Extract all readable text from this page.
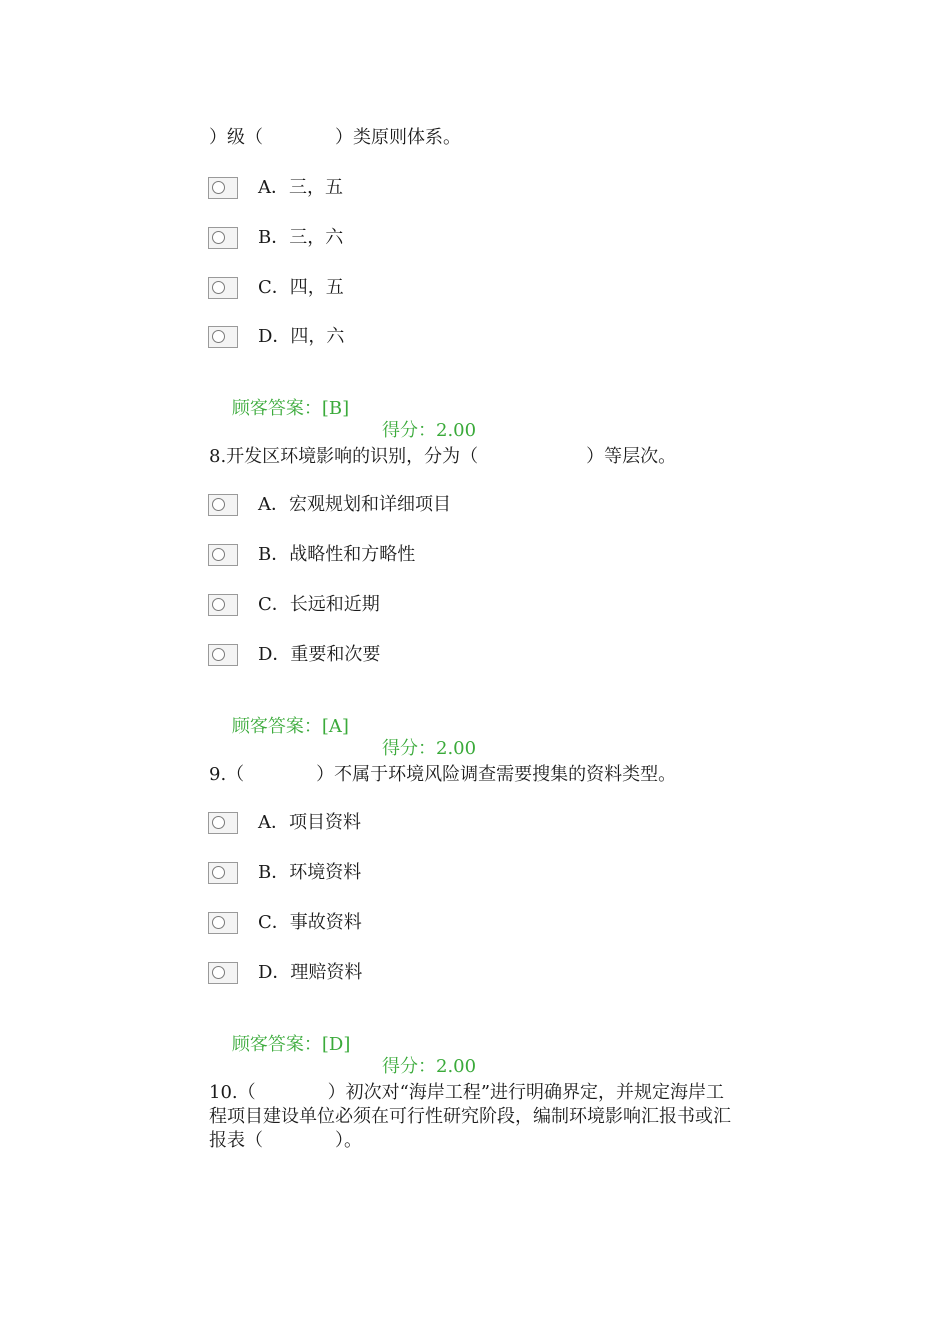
）级（　　　　）类原则体系。
A．三，五
B．三，六
C．四，五
D．四，六

顾客答案：[B]

得分：2.00

8.开发区环境影响的识别，分为（　　　　　　）等层次。
A．宏观规划和详细项目
B．战略性和方略性
C．长远和近期
D．重要和次要

顾客答案：[A]

得分：2.00

9.（　　　　）不属于环境风险调查需要搜集的资料类型。
A．项目资料
B．环境资料
C．事故资料
D．理赔资料

顾客答案：[D]

得分：2.00

10.（　　　　）初次对“海岸工程”进行明确界定，并规定海岸工
程项目建设单位必须在可行性研究阶段，编制环境影响汇报书或汇
报表（　　　　）。
